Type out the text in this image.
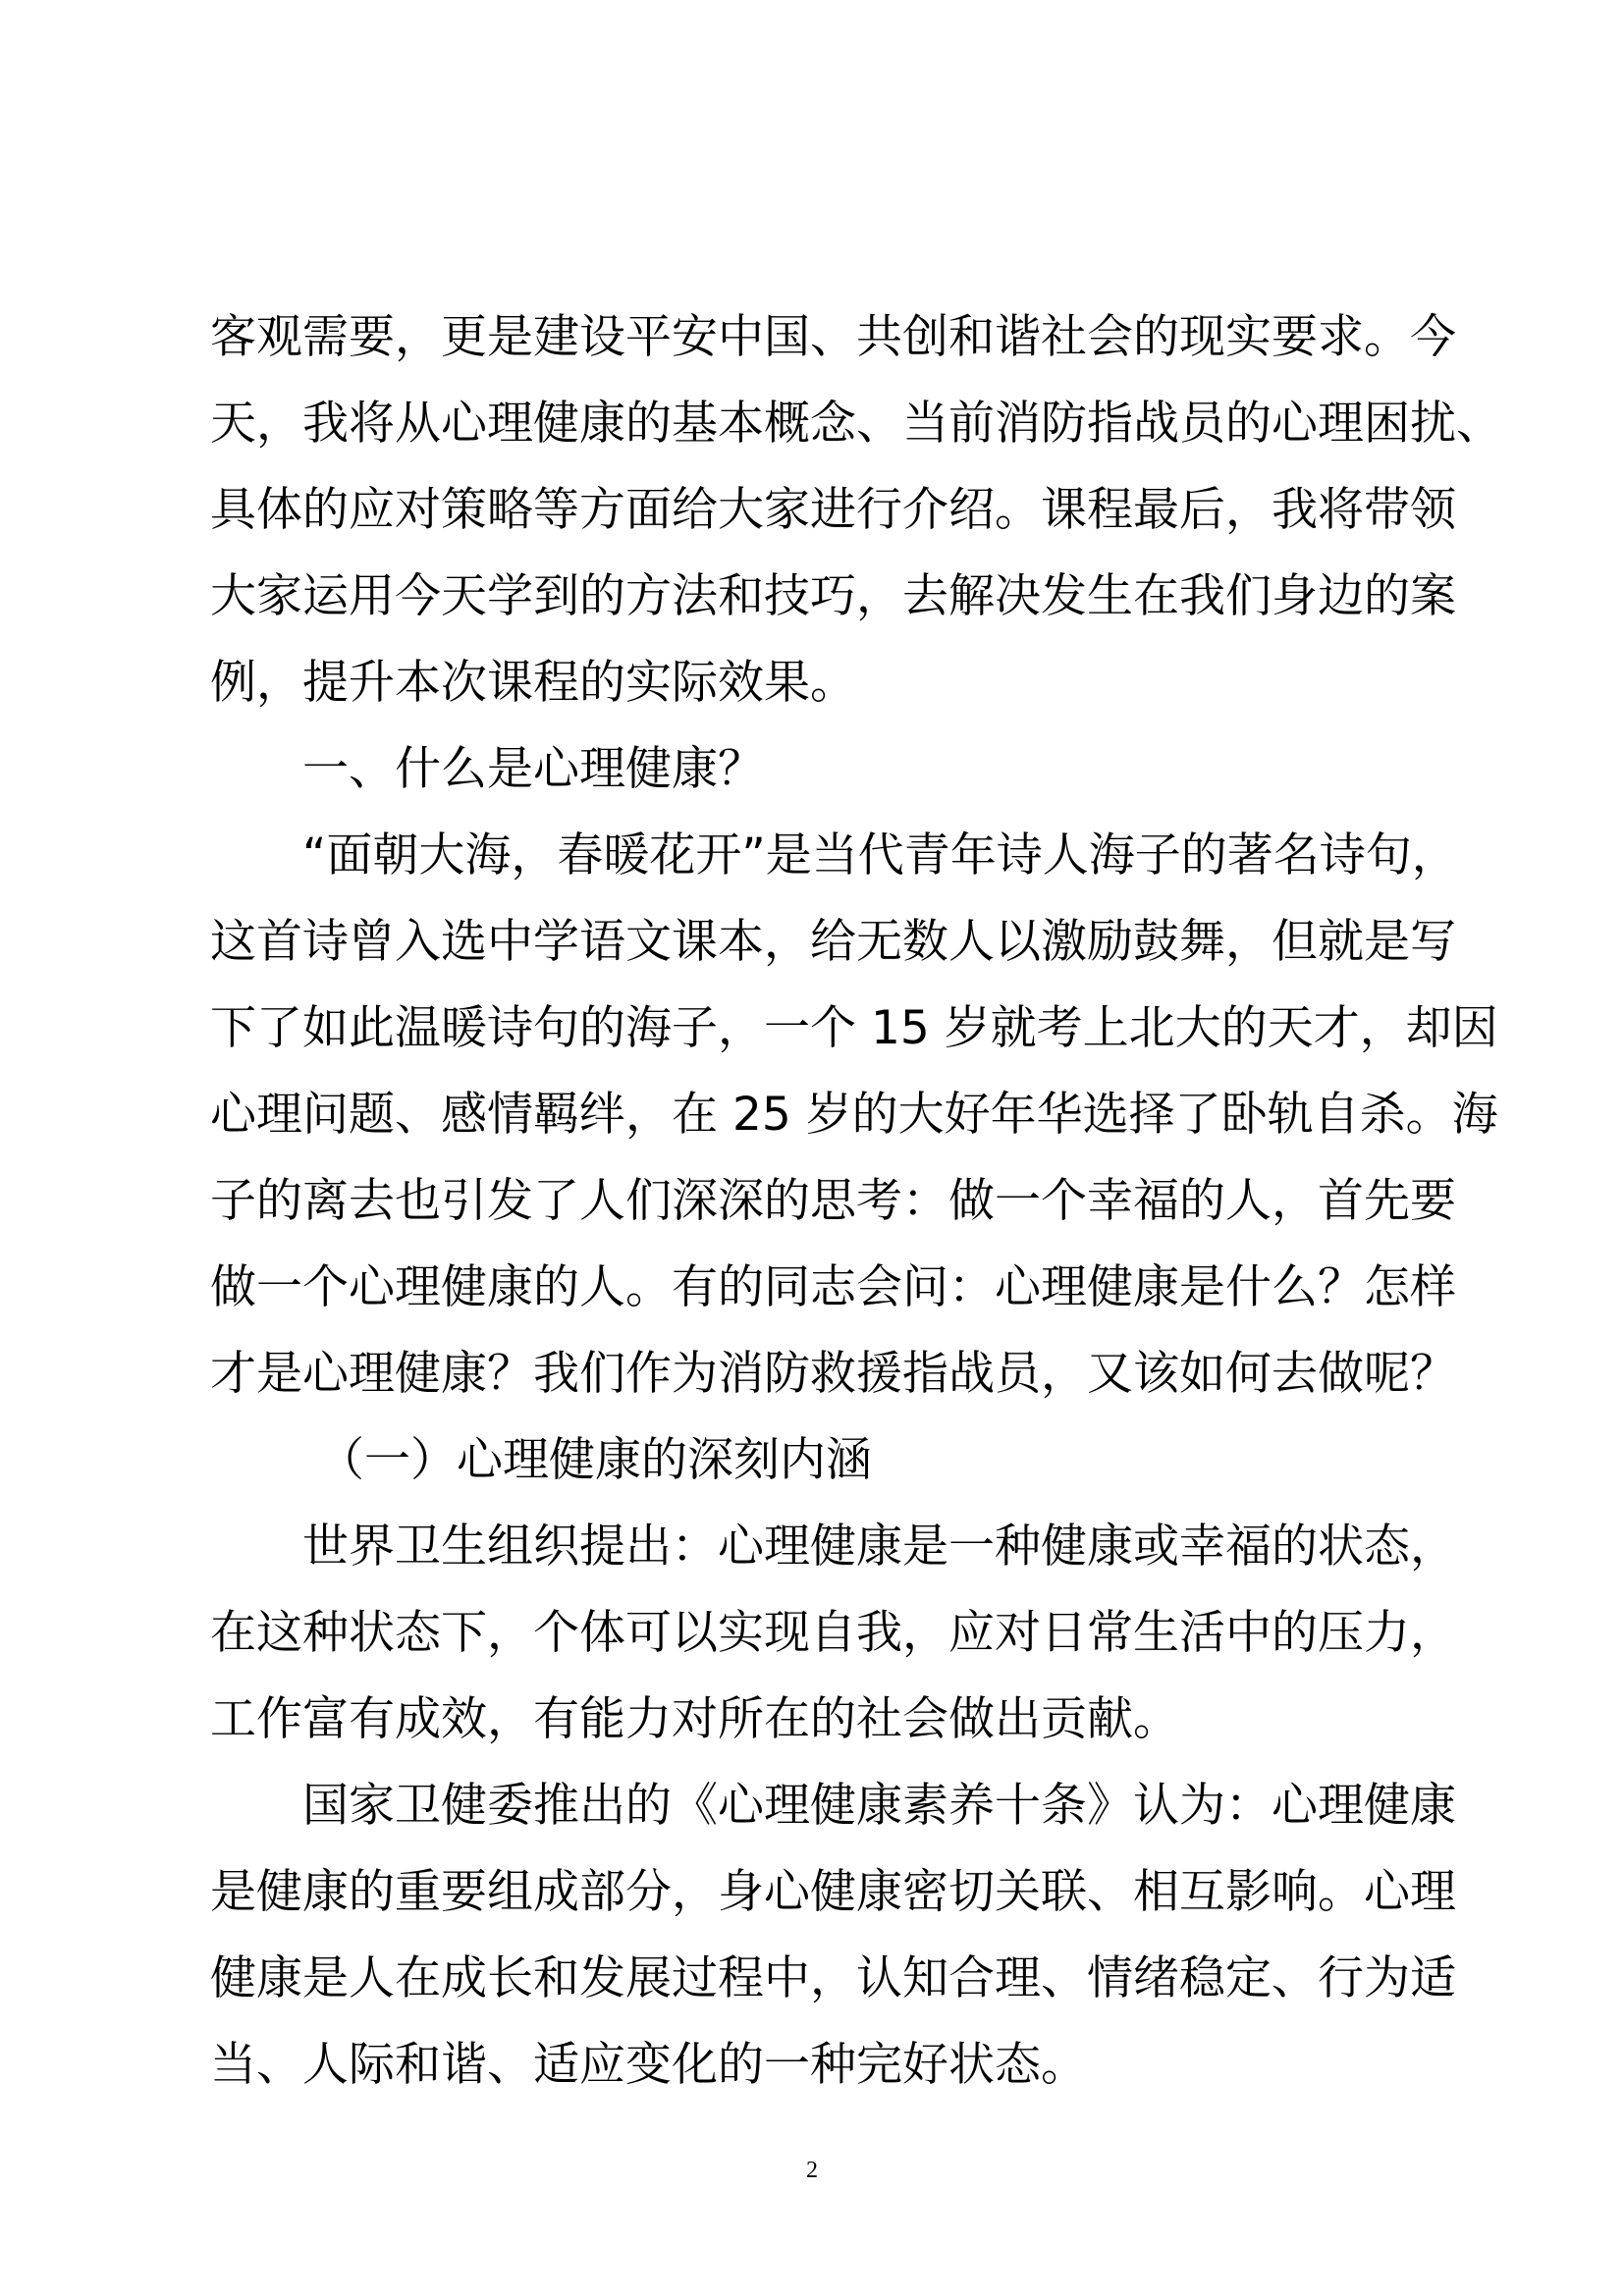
客观需要，更是建设平安中国、共创和谐社会的现实要求。今
天，我将从心理健康的基本概念、当前消防指战员的心理困扰、
具体的应对策略等方面给大家进行介绍。课程最后，我将带领
大家运用今天学到的方法和技巧，去解决发生在我们身边的案
例，提升本次课程的实际效果。
一、什么是心理健康？
“面朝大海，春暖花开”是当代青年诗人海子的著名诗句，
这首诗曾入选中学语文课本，给无数人以激励鼓舞，但就是写
下了如此温暖诗句的海子，一个 15 岁就考上北大的天才，却因
心理问题、感情羁绊，在 25 岁的大好年华选择了卧轨自杀。海
子的离去也引发了人们深深的思考：做一个幸福的人，首先要
做一个心理健康的人。有的同志会问：心理健康是什么？怎样
才是心理健康？我们作为消防救援指战员，又该如何去做呢？
（一）心理健康的深刻内涵
世界卫生组织提出：心理健康是一种健康或幸福的状态，
在这种状态下，个体可以实现自我，应对日常生活中的压力，
工作富有成效，有能力对所在的社会做出贡献。
国家卫健委推出的《心理健康素养十条》认为：心理健康
是健康的重要组成部分，身心健康密切关联、相互影响。心理
健康是人在成长和发展过程中，认知合理、情绪稳定、行为适
当、人际和谐、适应变化的一种完好状态。
2
